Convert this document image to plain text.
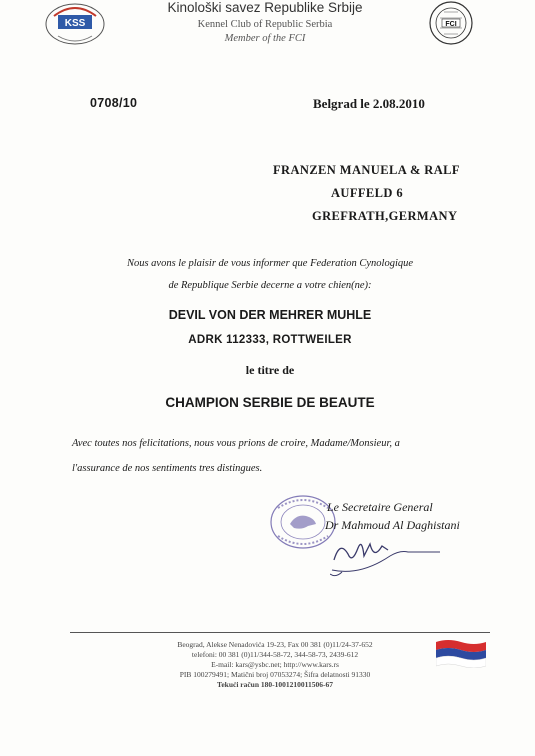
KSS
Kinološki savez Republike Srbije
Kennel Club of Republic Serbia
Member of the FCI
FCI
0708/10	Belgrad le 2.08.2010
FRANZEN MANUELA & RALF
AUFFELD 6
GREFRATH,GERMANY
Nous avons le plaisir de vous informer que Federation Cynologique
de Republique Serbie decerne a votre chien(ne):
DEVIL VON DER MEHRER MUHLE
ADRK 112333, ROTTWEILER
le titre de
CHAMPION SERBIE DE BEAUTE
Avec toutes nos felicitations, nous vous prions de croire, Madame/Monsieur, a
l'assurance de nos sentiments tres distingues.
Le Secretaire General
Dr Mahmoud Al Daghistani
Beograd, Alekse Nenadovića 19-23, Fax 00 381 (0)11/24-37-652
telefoni: 00 381 (0)11/344-58-72, 344-58-73, 2439-612
E-mail: kars@ysbc.net; http://www.kars.rs
PIB 100279491; Matični broj 07053274; Šifra delatnosti 91330
Tekući račun 180-1001210011506-67
